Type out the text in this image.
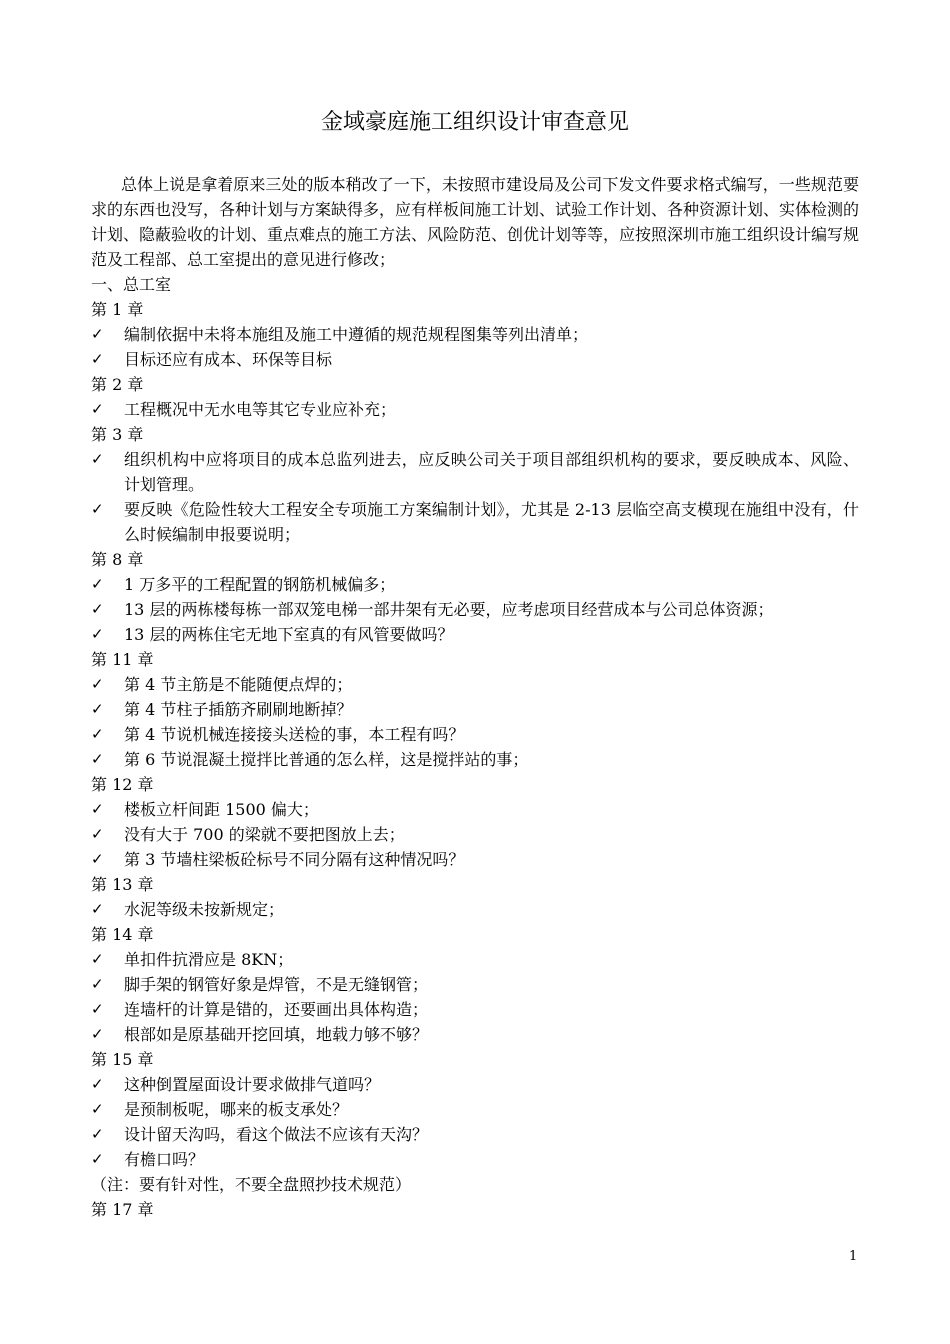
金域豪庭施工组织设计审查意见

总体上说是拿着原来三处的版本稍改了一下，未按照市建设局及公司下发文件要求格式编写，一些规范要求的东西也没写，各种计划与方案缺得多，应有样板间施工计划、试验工作计划、各种资源计划、实体检测的计划、隐蔽验收的计划、重点难点的施工方法、风险防范、创优计划等等，应按照深圳市施工组织设计编写规范及工程部、总工室提出的意见进行修改；

一、总工室

第 1 章

✓ 编制依据中未将本施组及施工中遵循的规范规程图集等列出清单；
✓ 目标还应有成本、环保等目标

第 2 章

✓ 工程概况中无水电等其它专业应补充；

第 3 章

✓ 组织机构中应将项目的成本总监列进去，应反映公司关于项目部组织机构的要求，要反映成本、风险、计划管理。
✓ 要反映《危险性较大工程安全专项施工方案编制计划》，尤其是 2-13 层临空高支模现在施组中没有，什么时候编制申报要说明；

第 8 章

✓ 1 万多平的工程配置的钢筋机械偏多；
✓ 13 层的两栋楼每栋一部双笼电梯一部井架有无必要，应考虑项目经营成本与公司总体资源；
✓ 13 层的两栋住宅无地下室真的有风管要做吗？

第 11 章

✓ 第 4 节主筋是不能随便点焊的；
✓ 第 4 节柱子插筋齐刷刷地断掉？
✓ 第 4 节说机械连接接头送检的事，本工程有吗？
✓ 第 6 节说混凝土搅拌比普通的怎么样，这是搅拌站的事；

第 12 章

✓ 楼板立杆间距 1500 偏大；
✓ 没有大于 700 的梁就不要把图放上去；
✓ 第 3 节墙柱梁板砼标号不同分隔有这种情况吗？

第 13 章

✓ 水泥等级未按新规定；

第 14 章

✓ 单扣件抗滑应是 8KN；
✓ 脚手架的钢管好象是焊管，不是无缝钢管；
✓ 连墙杆的计算是错的，还要画出具体构造；
✓ 根部如是原基础开挖回填，地载力够不够？

第 15 章

✓ 这种倒置屋面设计要求做排气道吗？
✓ 是预制板呢，哪来的板支承处？
✓ 设计留天沟吗，看这个做法不应该有天沟？
✓ 有檐口吗？

（注：要有针对性，不要全盘照抄技术规范）

第 17 章

1
